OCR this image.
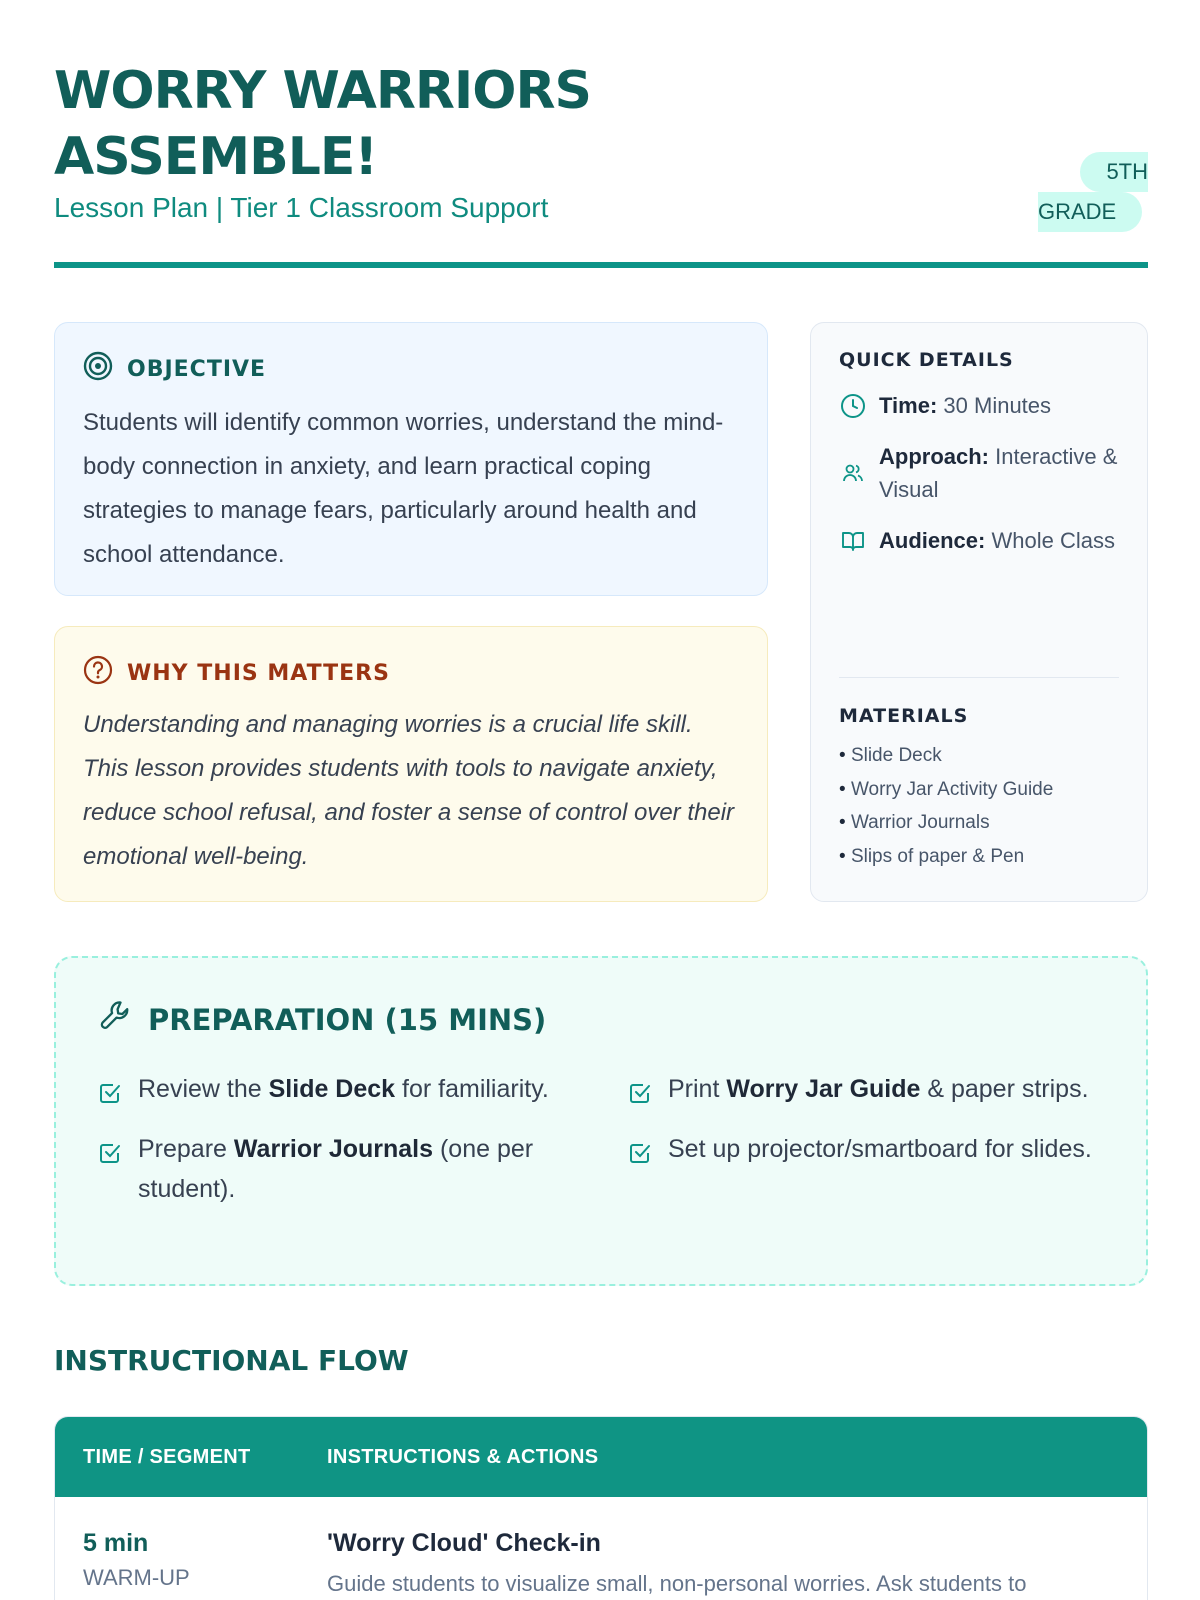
WORRY WARRIORS
ASSEMBLE!
Lesson Plan | Tier 1 Classroom Support
5TH
GRADE
OBJECTIVE

Students will identify common worries, understand the mind-body connection in anxiety, and learn practical coping strategies to manage fears, particularly around health and school attendance.

WHY THIS MATTERS

Understanding and managing worries is a crucial life skill. This lesson provides students with tools to navigate anxiety, reduce school refusal, and foster a sense of control over their emotional well-being.

QUICK DETAILS
Time: 30 Minutes
Approach: Interactive & Visual
Audience: Whole Class
MATERIALS
• Slide Deck
• Worry Jar Activity Guide
• Warrior Journals
• Slips of paper & Pen
PREPARATION (15 MINS)
Review the Slide Deck for familiarity.	Print Worry Jar Guide & paper strips.
Prepare Warrior Journals (one per student).
Set up projector/smartboard for slides.
INSTRUCTIONAL FLOW
TIME / SEGMENT	INSTRUCTIONS & ACTIONS
5 min
WARM-UP
'Worry Cloud' Check-in
Guide students to visualize small, non-personal worries. Ask students to
